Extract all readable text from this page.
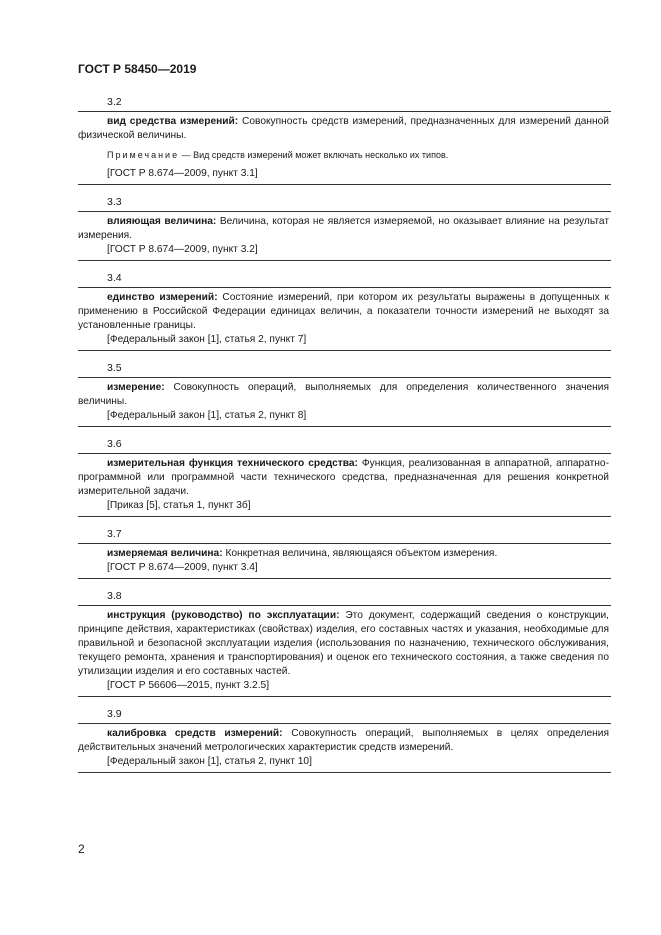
ГОСТ Р 58450—2019
3.2
вид средства измерений: Совокупность средств измерений, предназначенных для измерений данной физической величины.
Примечание — Вид средств измерений может включать несколько их типов.
[ГОСТ Р 8.674—2009, пункт 3.1]
3.3
влияющая величина: Величина, которая не является измеряемой, но оказывает влияние на результат измерения.
[ГОСТ Р 8.674—2009, пункт 3.2]
3.4
единство измерений: Состояние измерений, при котором их результаты выражены в допущенных к применению в Российской Федерации единицах величин, а показатели точности измерений не выходят за установленные границы.
[Федеральный закон [1], статья 2, пункт 7]
3.5
измерение: Совокупность операций, выполняемых для определения количественного значения величины.
[Федеральный закон [1], статья 2, пункт 8]
3.6
измерительная функция технического средства: Функция, реализованная в аппаратной, аппаратно-программной или программной части технического средства, предназначенная для решения конкретной измерительной задачи.
[Приказ [5], статья 1, пункт 3б]
3.7
измеряемая величина: Конкретная величина, являющаяся объектом измерения.
[ГОСТ Р 8.674—2009, пункт 3.4]
3.8
инструкция (руководство) по эксплуатации: Это документ, содержащий сведения о конструкции, принципе действия, характеристиках (свойствах) изделия, его составных частях и указания, необходимые для правильной и безопасной эксплуатации изделия (использования по назначению, технического обслуживания, текущего ремонта, хранения и транспортирования) и оценок его технического состояния, а также сведения по утилизации изделия и его составных частей.
[ГОСТ Р 56606—2015, пункт 3.2.5]
3.9
калибровка средств измерений: Совокупность операций, выполняемых в целях определения действительных значений метрологических характеристик средств измерений.
[Федеральный закон [1], статья 2, пункт 10]
2
